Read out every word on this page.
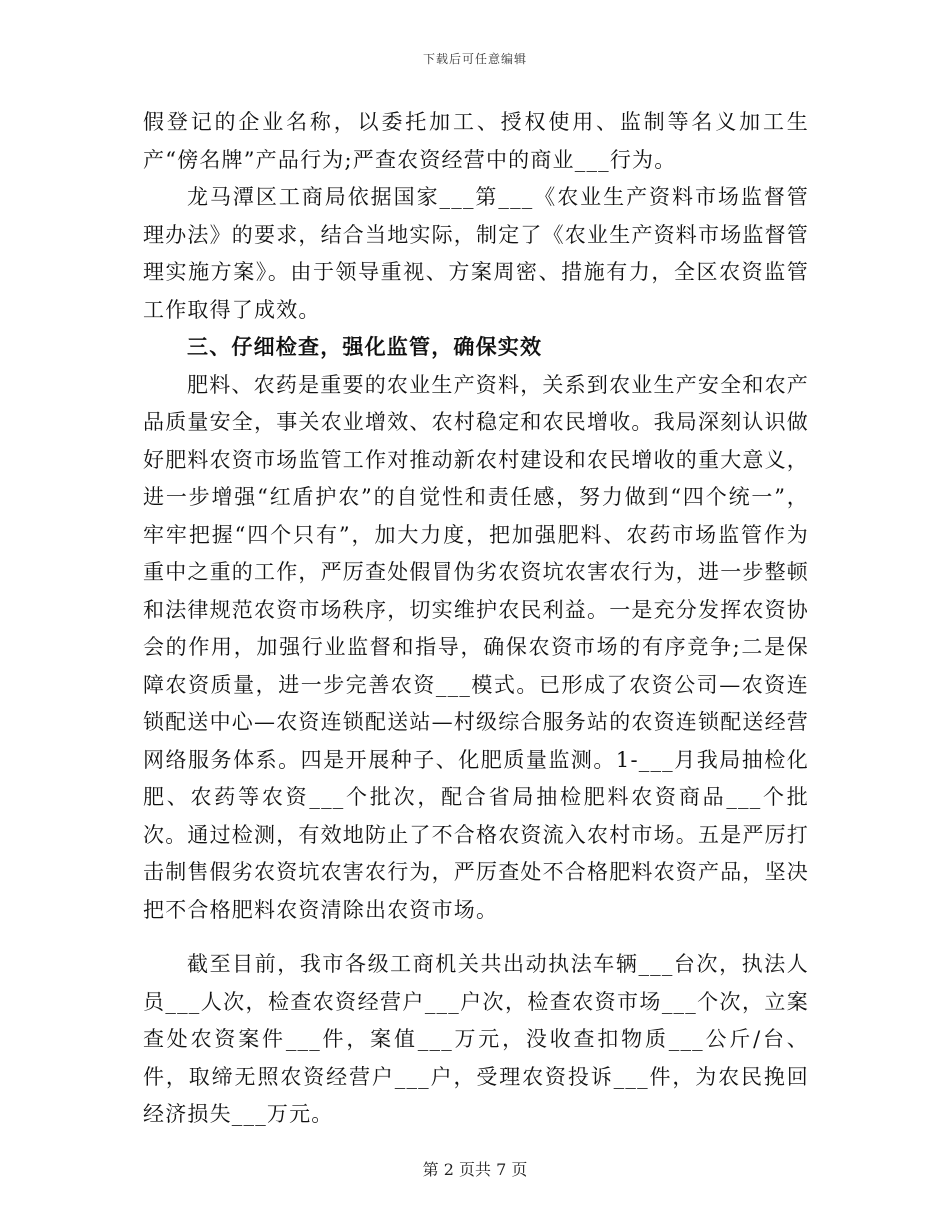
下载后可任意编辑

假登记的企业名称，以委托加工、授权使用、监制等名义加工生产“傍名牌”产品行为;严查农资经营中的商业___行为。

龙马潭区工商局依据国家___第___《农业生产资料市场监督管理办法》的要求，结合当地实际，制定了《农业生产资料市场监督管理实施方案》。由于领导重视、方案周密、措施有力，全区农资监管工作取得了成效。

三、仔细检查，强化监管，确保实效

肥料、农药是重要的农业生产资料，关系到农业生产安全和农产品质量安全，事关农业增效、农村稳定和农民增收。我局深刻认识做好肥料农资市场监管工作对推动新农村建设和农民增收的重大意义，进一步增强“红盾护农”的自觉性和责任感，努力做到“四个统一”，牢牢把握“四个只有”，加大力度，把加强肥料、农药市场监管作为重中之重的工作，严厉查处假冒伪劣农资坑农害农行为，进一步整顿和法律规范农资市场秩序，切实维护农民利益。一是充分发挥农资协会的作用，加强行业监督和指导，确保农资市场的有序竞争;二是保障农资质量，进一步完善农资___模式。已形成了农资公司—农资连锁配送中心—农资连锁配送站—村级综合服务站的农资连锁配送经营网络服务体系。四是开展种子、化肥质量监测。1-___月我局抽检化肥、农药等农资___个批次，配合省局抽检肥料农资商品___个批次。通过检测，有效地防止了不合格农资流入农村市场。五是严厉打击制售假劣农资坑农害农行为，严厉查处不合格肥料农资产品，坚决把不合格肥料农资清除出农资市场。

截至目前，我市各级工商机关共出动执法车辆___台次，执法人员___人次，检查农资经营户___户次，检查农资市场___个次，立案查处农资案件___件，案值___万元，没收查扣物质___公斤/台、件，取缔无照农资经营户___户，受理农资投诉___件，为农民挽回经济损失___万元。

第 2 页共 7 页
